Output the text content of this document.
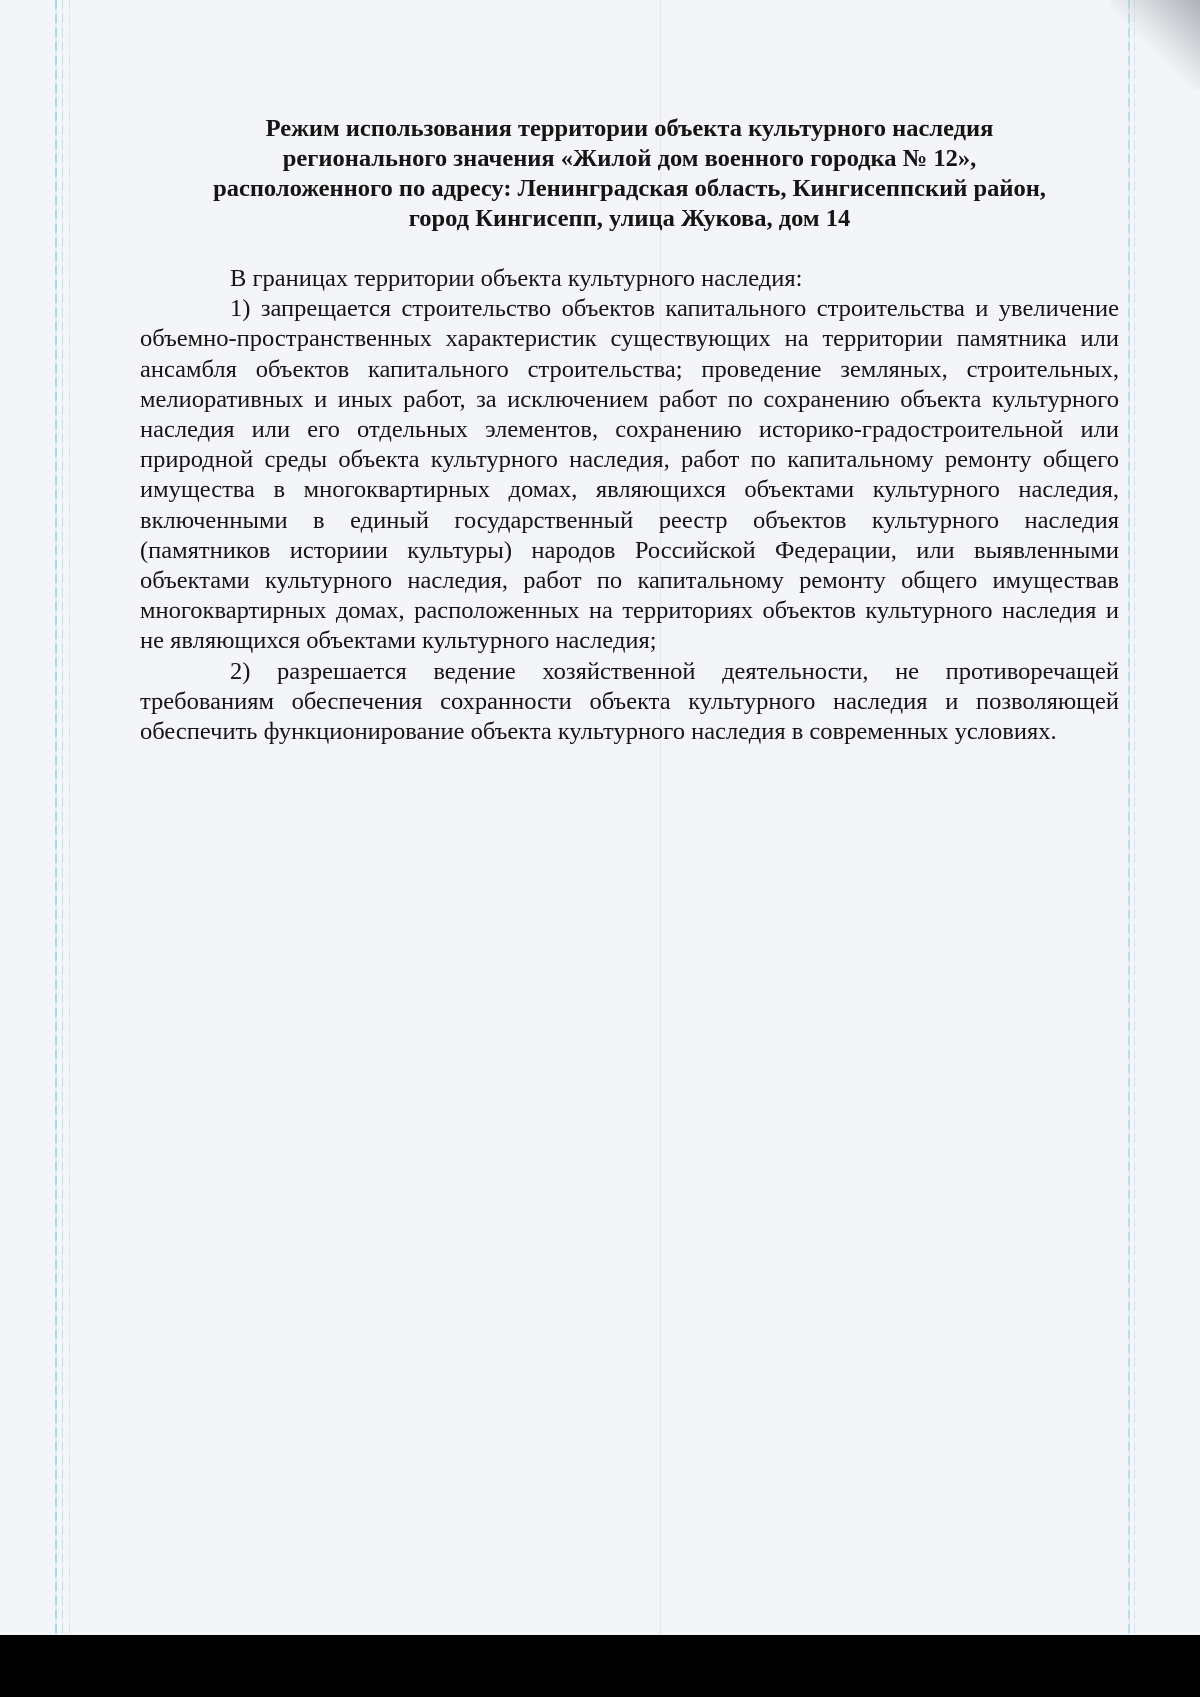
Режим использования территории объекта культурного наследия
регионального значения «Жилой дом военного городка № 12»,
расположенного по адресу: Ленинградская область, Кингисеппский район,
город Кингисепп, улица Жукова, дом 14

В границах территории объекта культурного наследия:

1) запрещается строительство объектов капитального строительства и увеличение объемно-пространственных характеристик существующих на территории памятника или ансамбля объектов капитального строительства; проведение земляных, строительных, мелиоративных и иных работ, за исключением работ по сохранению объекта культурного наследия или его отдельных элементов, сохранению историко-градостроительной или природной среды объекта культурного наследия, работ по капитальному ремонту общего имущества в многоквартирных домах, являющихся объектами культурного наследия, включенными в единый государственный реестр объектов культурного наследия (памятников историии культуры) народов Российской Федерации, или выявленными объектами культурного наследия, работ по капитальному ремонту общего имуществав многоквартирных домах, расположенных на территориях объектов культурного наследия и не являющихся объектами культурного наследия;

2) разрешается ведение хозяйственной деятельности, не противоречащей требованиям обеспечения сохранности объекта культурного наследия и позволяющей обеспечить функционирование объекта культурного наследия в современных условиях.
